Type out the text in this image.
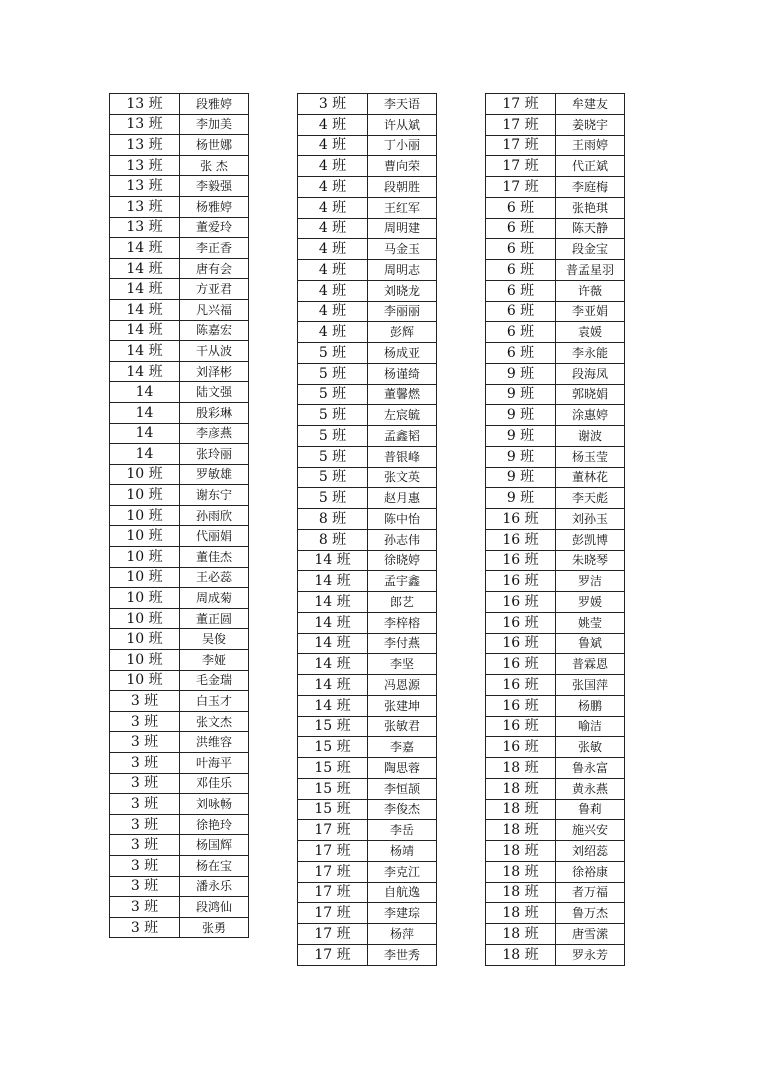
13 班	段雅婷
13 班	李加美
13 班	杨世娜
13 班	张 杰
13 班	李毅强
13 班	杨雅婷
13 班	董爱玲
14 班	李正香
14 班	唐有会
14 班	方亚君
14 班	凡兴福
14 班	陈嘉宏
14 班	干从波
14 班	刘泽彬
14	陆文强
14	殷彩琳
14	李彦燕
14	张玲丽
10 班	罗敏雄
10 班	谢东宁
10 班	孙雨欣
10 班	代丽娟
10 班	董佳杰
10 班	王必蕊
10 班	周成菊
10 班	董正圆
10 班	吴俊
10 班	李娅
10 班	毛金瑞
3 班	白玉才
3 班	张文杰
3 班	洪维容
3 班	叶海平
3 班	邓佳乐
3 班	刘咏畅
3 班	徐艳玲
3 班	杨国辉
3 班	杨在宝
3 班	潘永乐
3 班	段鸿仙
3 班	张勇
3 班	李天语
4 班	许从斌
4 班	丁小丽
4 班	曹向荣
4 班	段朝胜
4 班	王红军
4 班	周明建
4 班	马金玉
4 班	周明志
4 班	刘晓龙
4 班	李丽丽
4 班	彭辉
5 班	杨成亚
5 班	杨谨绮
5 班	董馨燃
5 班	左宸毓
5 班	孟鑫韬
5 班	普银峰
5 班	张文英
5 班	赵月惠
8 班	陈中怡
8 班	孙志伟
14 班	徐晓婷
14 班	孟宇鑫
14 班	郎艺
14 班	李梓榕
14 班	李付燕
14 班	李坚
14 班	冯恩源
14 班	张建坤
15 班	张敏君
15 班	李嘉
15 班	陶思蓉
15 班	李恒颉
15 班	李俊杰
17 班	李岳
17 班	杨靖
17 班	李克江
17 班	自航逸
17 班	李建琮
17 班	杨萍
17 班	李世秀
17 班	牟建友
17 班	姜晓宇
17 班	王雨婷
17 班	代正斌
17 班	李庭梅
6 班	张艳琪
6 班	陈天静
6 班	段金宝
6 班	普孟星羽
6 班	许薇
6 班	李亚娟
6 班	袁媛
6 班	李永能
9 班	段海凤
9 班	郭晓娟
9 班	涂惠婷
9 班	谢波
9 班	杨玉莹
9 班	董林花
9 班	李天彪
16 班	刘孙玉
16 班	彭凯博
16 班	朱晓琴
16 班	罗洁
16 班	罗媛
16 班	姚莹
16 班	鲁斌
16 班	普霖恩
16 班	张国萍
16 班	杨鹏
16 班	喻洁
16 班	张敏
18 班	鲁永富
18 班	黄永燕
18 班	鲁莉
18 班	施兴安
18 班	刘绍蕊
18 班	徐裕康
18 班	者万福
18 班	鲁万杰
18 班	唐雪潆
18 班	罗永芳
